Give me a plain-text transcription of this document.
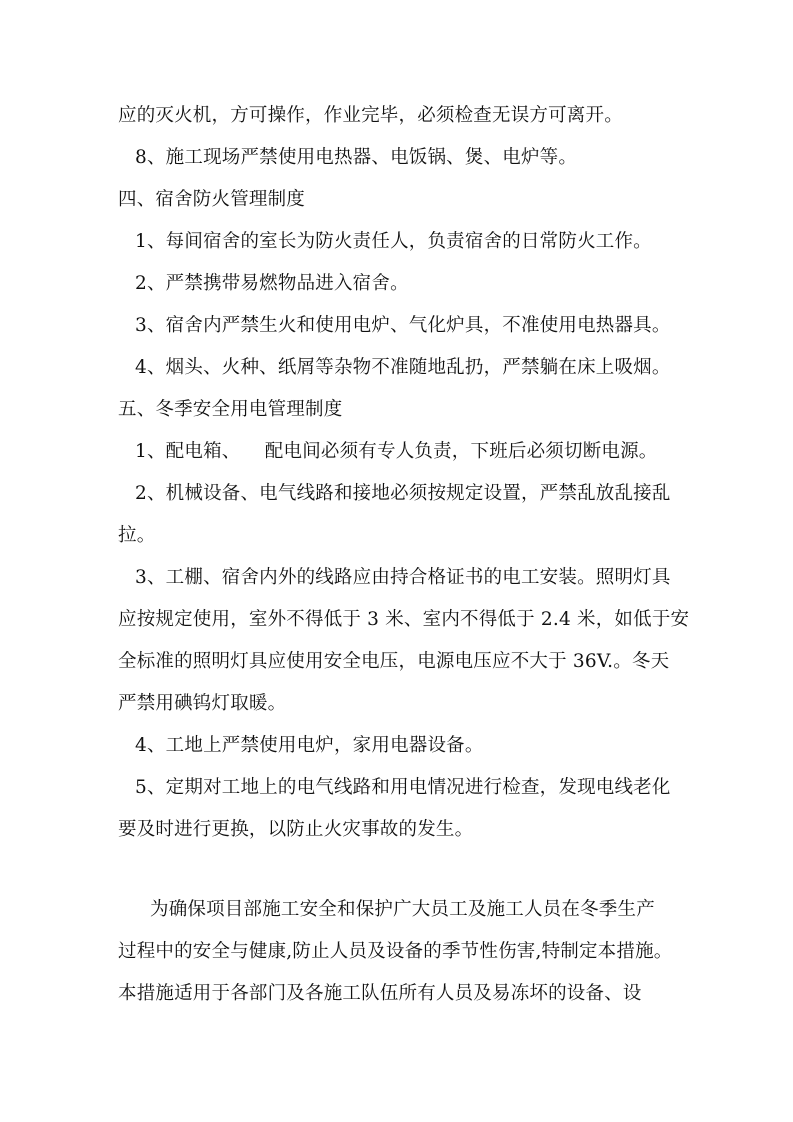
应的灭火机，方可操作，作业完毕，必须检查无误方可离开。
8、施工现场严禁使用电热器、电饭锅、煲、电炉等。
四、宿舍防火管理制度
1、每间宿舍的室长为防火责任人，负责宿舍的日常防火工作。
2、严禁携带易燃物品进入宿舍。
3、宿舍内严禁生火和使用电炉、气化炉具，不准使用电热器具。
4、烟头、火种、纸屑等杂物不准随地乱扔，严禁躺在床上吸烟。
五、冬季安全用电管理制度
1、配电箱、    配电间必须有专人负责，下班后必须切断电源。
2、机械设备、电气线路和接地必须按规定设置，严禁乱放乱接乱
拉。
3、工棚、宿舍内外的线路应由持合格证书的电工安装。照明灯具
应按规定使用，室外不得低于 3 米、室内不得低于 2.4 米，如低于安
全标准的照明灯具应使用安全电压，电源电压应不大于 36V.。冬天
严禁用碘钨灯取暖。
4、工地上严禁使用电炉，家用电器设备。
5、定期对工地上的电气线路和用电情况进行检查，发现电线老化
要及时进行更换，以防止火灾事故的发生。
为确保项目部施工安全和保护广大员工及施工人员在冬季生产
过程中的安全与健康,防止人员及设备的季节性伤害,特制定本措施。
本措施适用于各部门及各施工队伍所有人员及易冻坏的设备、设
